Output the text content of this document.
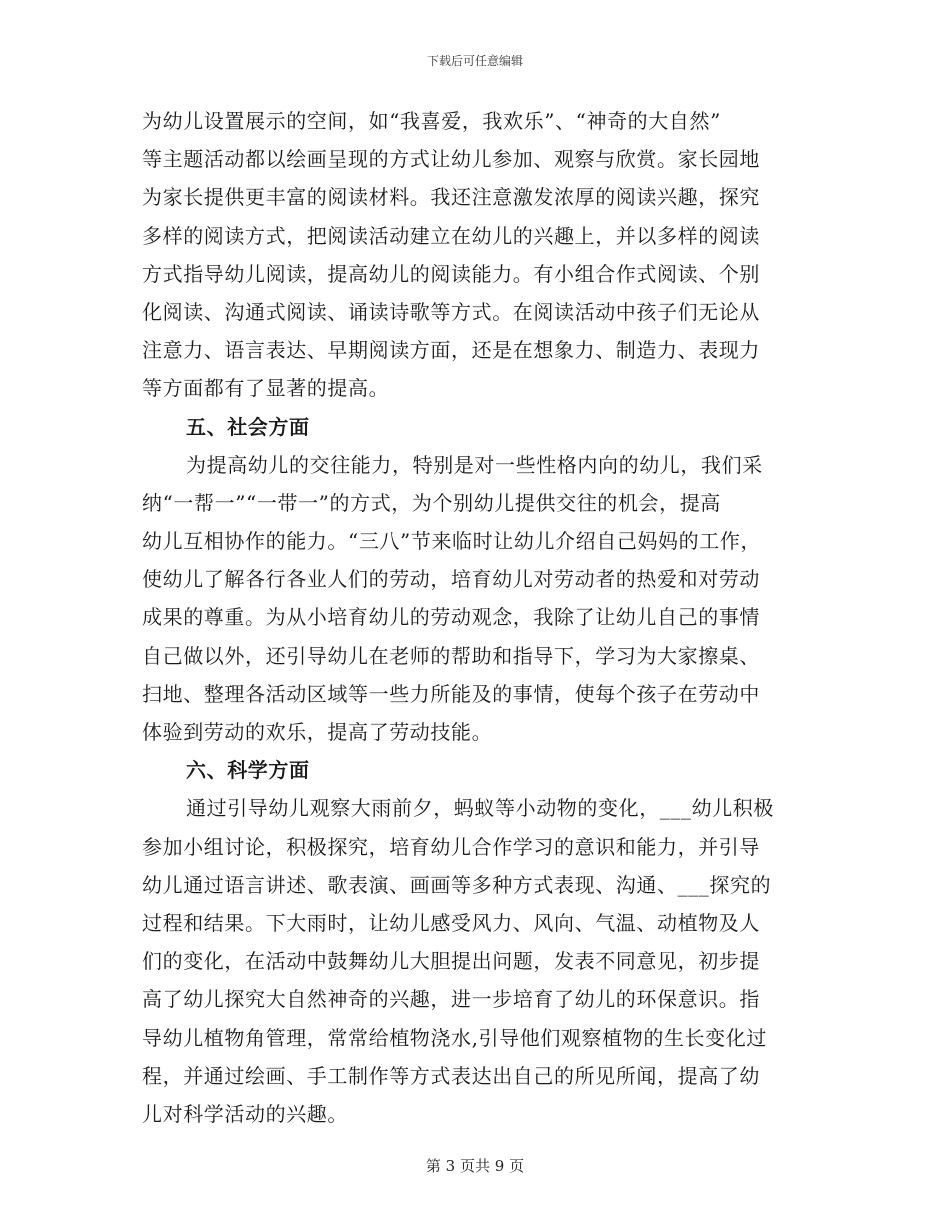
下载后可任意编辑
为幼儿设置展示的空间，如“我喜爱，我欢乐”、“神奇的大自然”
等主题活动都以绘画呈现的方式让幼儿参加、观察与欣赏。家长园地
为家长提供更丰富的阅读材料。我还注意激发浓厚的阅读兴趣，探究
多样的阅读方式，把阅读活动建立在幼儿的兴趣上，并以多样的阅读
方式指导幼儿阅读，提高幼儿的阅读能力。有小组合作式阅读、个别
化阅读、沟通式阅读、诵读诗歌等方式。在阅读活动中孩子们无论从
注意力、语言表达、早期阅读方面，还是在想象力、制造力、表现力
等方面都有了显著的提高。
五、社会方面
为提高幼儿的交往能力，特别是对一些性格内向的幼儿，我们采
纳“一帮一”“一带一”的方式，为个别幼儿提供交往的机会，提高
幼儿互相协作的能力。“三八”节来临时让幼儿介绍自己妈妈的工作，
使幼儿了解各行各业人们的劳动，培育幼儿对劳动者的热爱和对劳动
成果的尊重。为从小培育幼儿的劳动观念，我除了让幼儿自己的事情
自己做以外，还引导幼儿在老师的帮助和指导下，学习为大家擦桌、
扫地、整理各活动区域等一些力所能及的事情，使每个孩子在劳动中
体验到劳动的欢乐，提高了劳动技能。
六、科学方面
通过引导幼儿观察大雨前夕，蚂蚁等小动物的变化，___幼儿积极
参加小组讨论，积极探究，培育幼儿合作学习的意识和能力，并引导
幼儿通过语言讲述、歌表演、画画等多种方式表现、沟通、___探究的
过程和结果。下大雨时，让幼儿感受风力、风向、气温、动植物及人
们的变化，在活动中鼓舞幼儿大胆提出问题，发表不同意见，初步提
高了幼儿探究大自然神奇的兴趣，进一步培育了幼儿的环保意识。指
导幼儿植物角管理，常常给植物浇水,引导他们观察植物的生长变化过
程，并通过绘画、手工制作等方式表达出自己的所见所闻，提高了幼
儿对科学活动的兴趣。
第 3 页共 9 页
